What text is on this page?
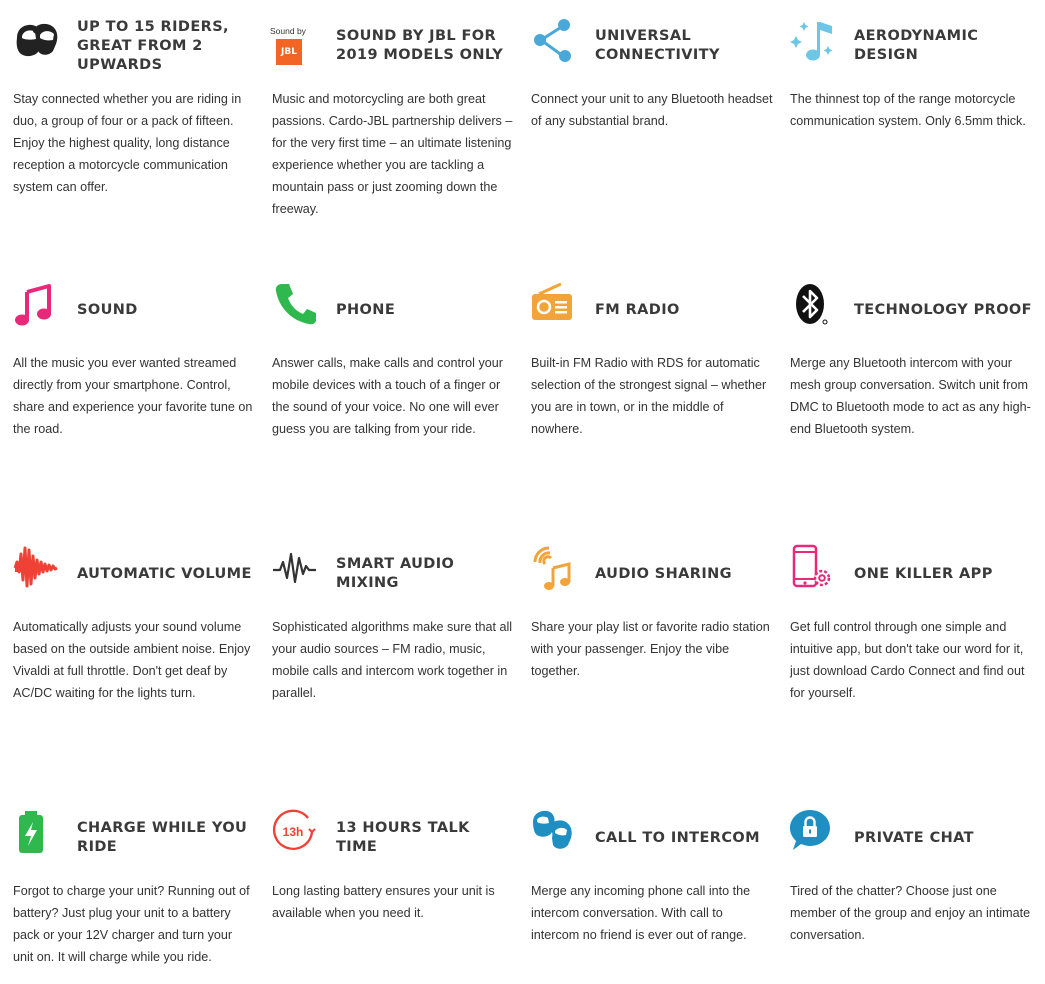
UP TO 15 RIDERS, GREAT FROM 2 UPWARDS
Stay connected whether you are riding in duo, a group of four or a pack of fifteen. Enjoy the highest quality, long distance reception a motorcycle communication system can offer.
Sound by
JBL
SOUND BY JBL FOR 2019 MODELS ONLY
Music and motorcycling are both great passions. Cardo-JBL partnership delivers – for the very first time – an ultimate listening experience whether you are tackling a mountain pass or just zooming down the freeway.
UNIVERSAL CONNECTIVITY
Connect your unit to any Bluetooth headset of any substantial brand.
AERODYNAMIC DESIGN
The thinnest top of the range motorcycle communication system. Only 6.5mm thick.
SOUND
All the music you ever wanted streamed directly from your smartphone. Control, share and experience your favorite tune on the road.
PHONE
Answer calls, make calls and control your mobile devices with a touch of a finger or the sound of your voice. No one will ever guess you are talking from your ride.
FM RADIO
Built-in FM Radio with RDS for automatic selection of the strongest signal – whether you are in town, or in the middle of nowhere.
TECHNOLOGY PROOF
Merge any Bluetooth intercom with your mesh group conversation. Switch unit from DMC to Bluetooth mode to act as any high-end Bluetooth system.
AUTOMATIC VOLUME
Automatically adjusts your sound volume based on the outside ambient noise. Enjoy Vivaldi at full throttle. Don't get deaf by AC/DC waiting for the lights turn.
SMART AUDIO MIXING
Sophisticated algorithms make sure that all your audio sources – FM radio, music, mobile calls and intercom work together in parallel.
AUDIO SHARING
Share your play list or favorite radio station with your passenger. Enjoy the vibe together.
ONE KILLER APP
Get full control through one simple and intuitive app, but don't take our word for it, just download Cardo Connect and find out for yourself.
CHARGE WHILE YOU RIDE
Forgot to charge your unit? Running out of battery? Just plug your unit to a battery pack or your 12V charger and turn your unit on. It will charge while you ride.
13h 13 HOURS TALK TIME
Long lasting battery ensures your unit is available when you need it.
CALL TO INTERCOM
Merge any incoming phone call into the intercom conversation. With call to intercom no friend is ever out of range.
PRIVATE CHAT
Tired of the chatter? Choose just one member of the group and enjoy an intimate conversation.
